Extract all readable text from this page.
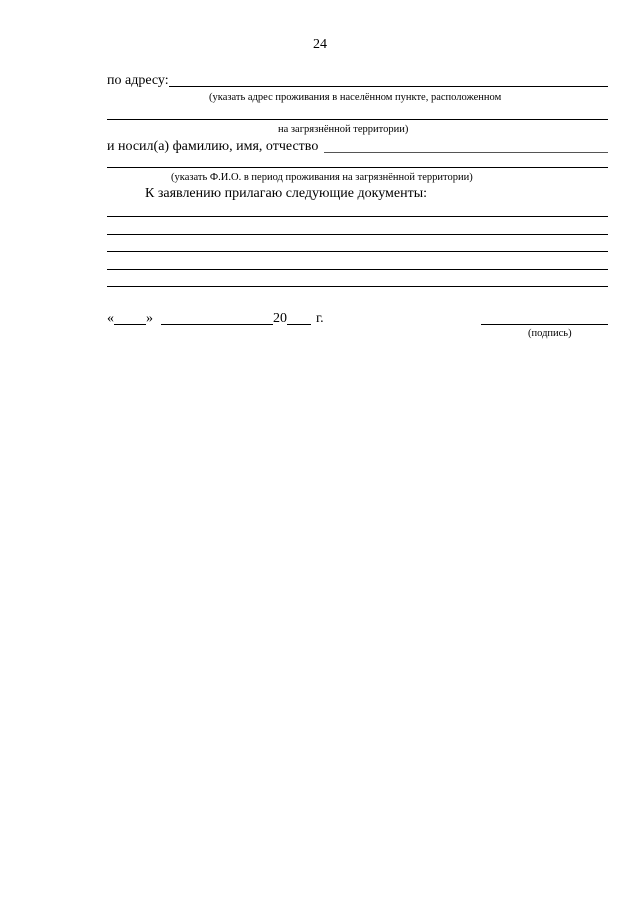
24
по адресу:
(указать адрес проживания в населённом пункте, расположенном
на загрязнённой территории)
и носил(а) фамилию, имя, отчество
(указать Ф.И.О. в период проживания на загрязнённой территории)
К заявлению прилагаю следующие документы:
« »	20 г.
(подпись)
